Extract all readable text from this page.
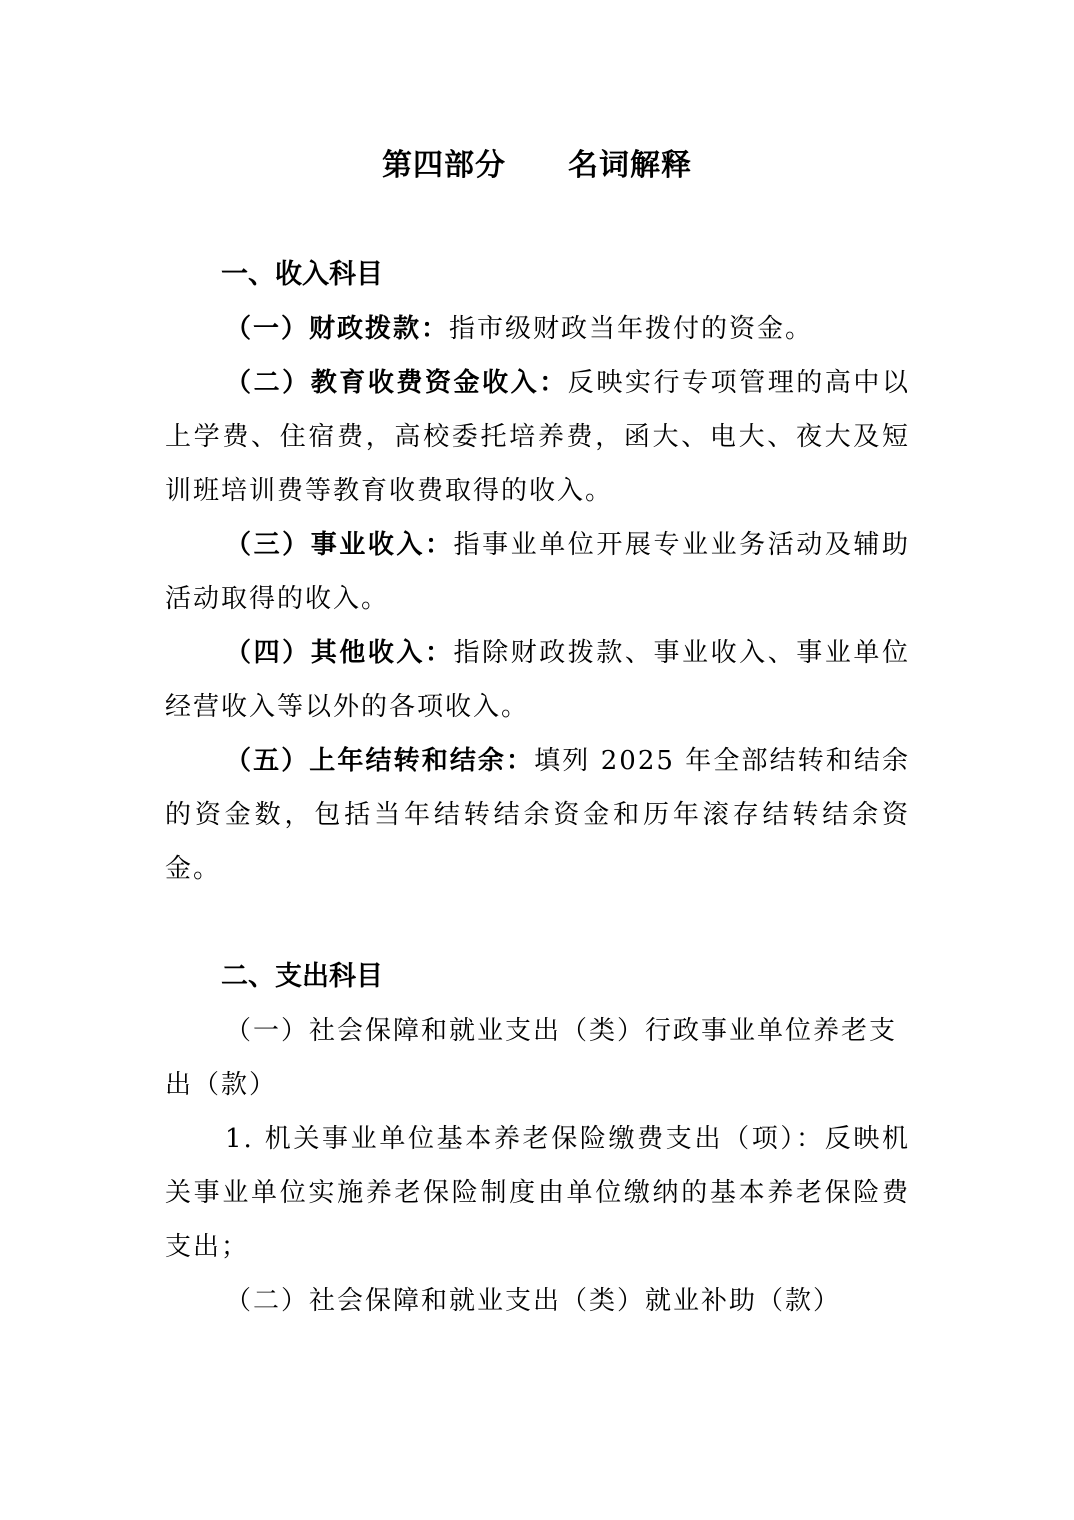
第四部分　　名词解释

一、收入科目

（一）财政拨款：指市级财政当年拨付的资金。

（二）教育收费资金收入：反映实行专项管理的高中以上学费、住宿费，高校委托培养费，函大、电大、夜大及短训班培训费等教育收费取得的收入。

（三）事业收入：指事业单位开展专业业务活动及辅助活动取得的收入。

（四）其他收入：指除财政拨款、事业收入、事业单位经营收入等以外的各项收入。

（五）上年结转和结余：填列 2025 年全部结转和结余的资金数，包括当年结转结余资金和历年滚存结转结余资金。

二、支出科目

（一）社会保障和就业支出（类）行政事业单位养老支出（款）

1. 机关事业单位基本养老保险缴费支出（项）：反映机关事业单位实施养老保险制度由单位缴纳的基本养老保险费支出；

（二）社会保障和就业支出（类）就业补助（款）
